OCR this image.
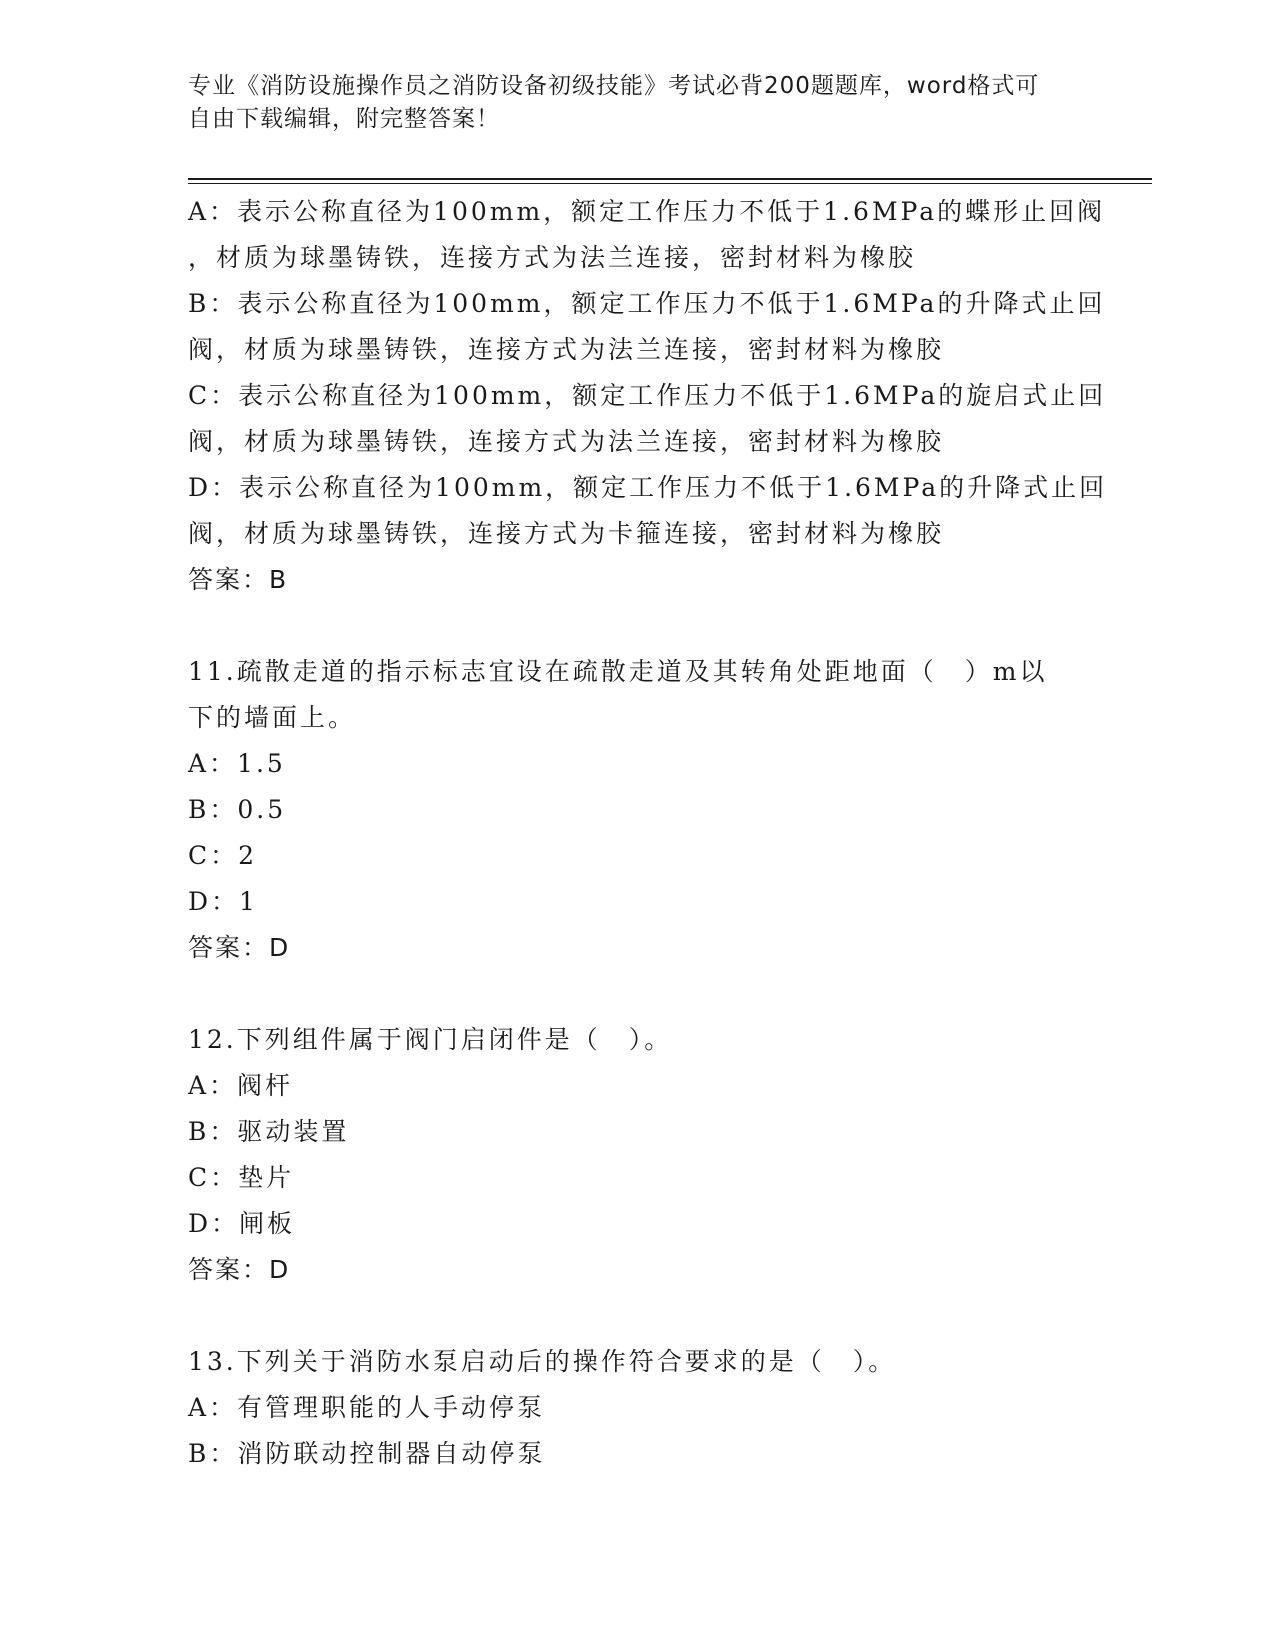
专业《消防设施操作员之消防设备初级技能》考试必背200题题库，word格式可
自由下载编辑，附完整答案！
A：表示公称直径为100mm，额定工作压力不低于1.6MPa的蝶形止回阀
，材质为球墨铸铁，连接方式为法兰连接，密封材料为橡胶
B：表示公称直径为100mm，额定工作压力不低于1.6MPa的升降式止回
阀，材质为球墨铸铁，连接方式为法兰连接，密封材料为橡胶
C：表示公称直径为100mm，额定工作压力不低于1.6MPa的旋启式止回
阀，材质为球墨铸铁，连接方式为法兰连接，密封材料为橡胶
D：表示公称直径为100mm，额定工作压力不低于1.6MPa的升降式止回
阀，材质为球墨铸铁，连接方式为卡箍连接，密封材料为橡胶
答案：B
11.疏散走道的指示标志宜设在疏散走道及其转角处距地面（　）m以
下的墙面上。
A：1.5
B：0.5
C：2
D：1
答案：D
12.下列组件属于阀门启闭件是（　）。
A：阀杆
B：驱动装置
C：垫片
D：闸板
答案：D
13.下列关于消防水泵启动后的操作符合要求的是（　）。
A：有管理职能的人手动停泵
B：消防联动控制器自动停泵
